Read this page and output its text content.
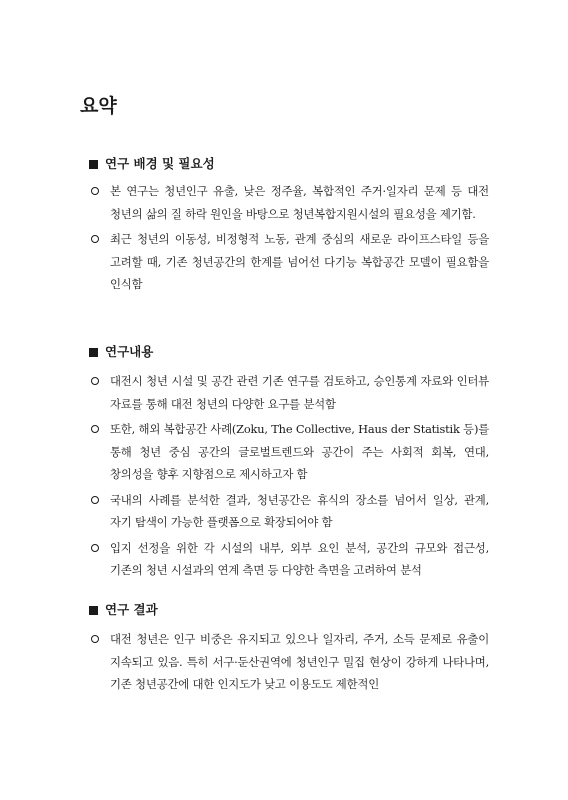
요약
연구 배경 및 필요성
본 연구는 청년인구 유출, 낮은 정주율, 복합적인 주거·일자리 문제 등 대전 청년의 삶의 질 하락 원인을 바탕으로 청년복합지원시설의 필요성을 제기함.
최근 청년의 이동성, 비정형적 노동, 관계 중심의 새로운 라이프스타일 등을 고려할 때, 기존 청년공간의 한계를 넘어선 다기능 복합공간 모델이 필요함을 인식함
연구내용
대전시 청년 시설 및 공간 관련 기존 연구를 검토하고, 승인통계 자료와 인터뷰 자료를 통해 대전 청년의 다양한 요구를 분석함
또한, 해외 복합공간 사례(Zoku, The Collective, Haus der Statistik 등)를 통해 청년 중심 공간의 글로벌트렌드와 공간이 주는 사회적 회복, 연대, 창의성을 향후 지향점으로 제시하고자 함
국내의 사례를 분석한 결과, 청년공간은 휴식의 장소를 넘어서 일상, 관계, 자기 탐색이 가능한 플랫폼으로 확장되어야 함
입지 선정을 위한 각 시설의 내부, 외부 요인 분석, 공간의 규모와 접근성, 기존의 청년 시설과의 연계 측면 등 다양한 측면을 고려하여 분석
연구 결과
대전 청년은 인구 비중은 유지되고 있으나 일자리, 주거, 소득 문제로 유출이 지속되고 있음. 특히 서구·둔산권역에 청년인구 밀집 현상이 강하게 나타나며, 기존 청년공간에 대한 인지도가 낮고 이용도도 제한적인
